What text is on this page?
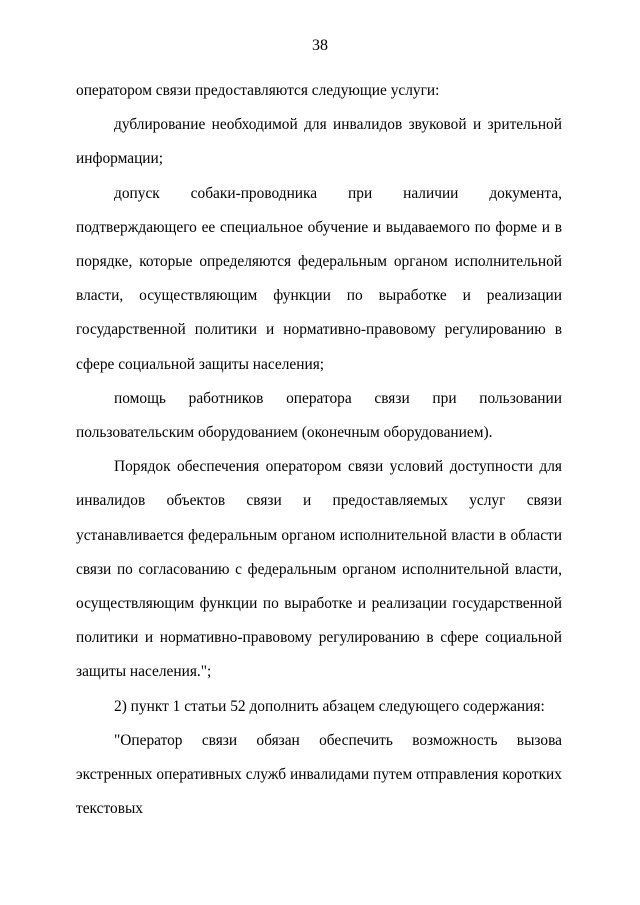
38

оператором связи предоставляются следующие услуги:

дублирование необходимой для инвалидов звуковой и зрительной информации;

допуск собаки-проводника при наличии документа, подтверждающего ее специальное обучение и выдаваемого по форме и в порядке, которые определяются федеральным органом исполнительной власти, осуществляющим функции по выработке и реализации государственной политики и нормативно-правовому регулированию в сфере социальной защиты населения;

помощь работников оператора связи при пользовании пользовательским оборудованием (оконечным оборудованием).

Порядок обеспечения оператором связи условий доступности для инвалидов объектов связи и предоставляемых услуг связи устанавливается федеральным органом исполнительной власти в области связи по согласованию с федеральным органом исполнительной власти, осуществляющим функции по выработке и реализации государственной политики и нормативно-правовому регулированию в сфере социальной защиты населения.";

2) пункт 1 статьи 52 дополнить абзацем следующего содержания:

"Оператор связи обязан обеспечить возможность вызова экстренных оперативных служб инвалидами путем отправления коротких текстовых
